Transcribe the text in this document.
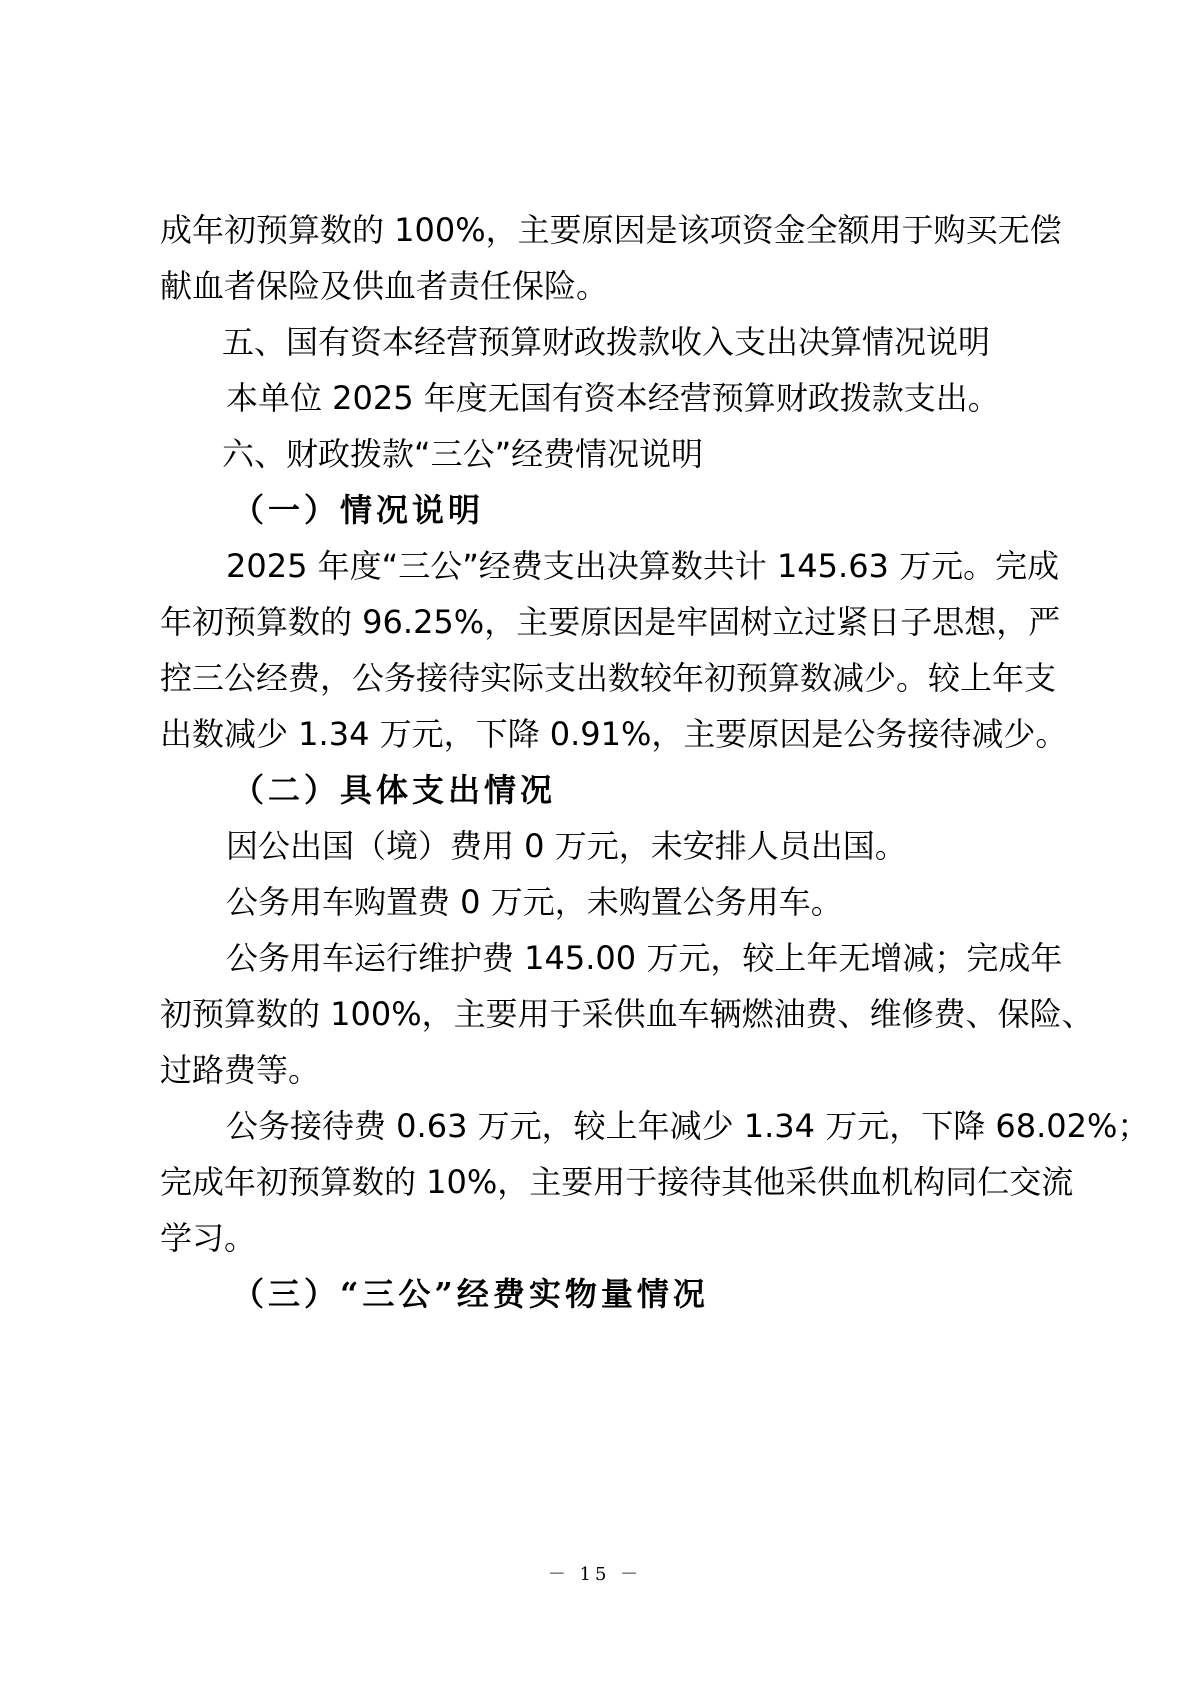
成年初预算数的 100%，主要原因是该项资金全额用于购买无偿
献血者保险及供血者责任保险。
五、国有资本经营预算财政拨款收入支出决算情况说明
本单位 2025 年度无国有资本经营预算财政拨款支出。
六、财政拨款“三公”经费情况说明
（一）情况说明
2025 年度“三公”经费支出决算数共计 145.63 万元。完成
年初预算数的 96.25%，主要原因是牢固树立过紧日子思想，严
控三公经费，公务接待实际支出数较年初预算数减少。较上年支
出数减少 1.34 万元，下降 0.91%，主要原因是公务接待减少。
（二）具体支出情况
因公出国（境）费用 0 万元，未安排人员出国。
公务用车购置费 0 万元，未购置公务用车。
公务用车运行维护费 145.00 万元，较上年无增减；完成年
初预算数的 100%，主要用于采供血车辆燃油费、维修费、保险、
过路费等。
公务接待费 0.63 万元，较上年减少 1.34 万元，下降 68.02%；
完成年初预算数的 10%，主要用于接待其他采供血机构同仁交流
学习。
（三）“三公”经费实物量情况
－ 15 －
